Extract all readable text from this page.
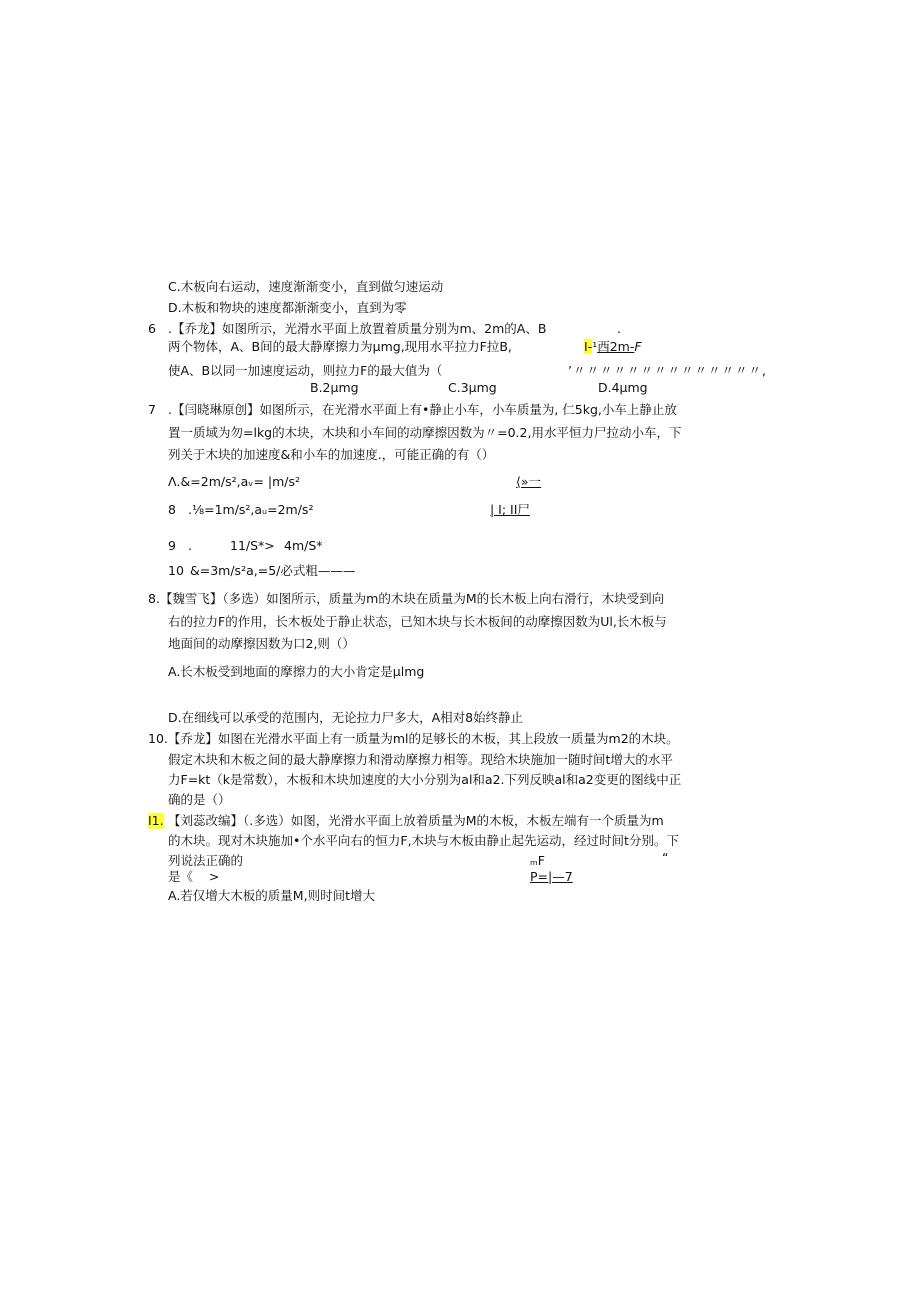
C.木板向右运动，速度渐渐变小，直到做匀速运动
D.木板和物块的速度都渐渐变小，直到为零
6 .【乔龙】如图所示，光滑水平面上放置着质量分别为m、2m的A、B	.
两个物体，A、B间的最大静摩擦力为μmg,现用水平拉力F拉B,	I-¹西2m-F
使A、B以同一加速度运动，则拉力F的最大值为（	’〃〃〃〃〃〃〃〃〃〃〃〃〃〃,
B.2μmg	C.3μmg	D.4μmg
7 .【闫晓琳原创】如图所示，在光滑水平面上有•静止小车，小车质量为, 仁5kg,小车上静止放
置一质域为勿=lkg的木块，木块和小车间的动摩擦因数为〃=0.2,用水平恒力尸拉动小车，下
列关于木块的加速度&和小车的加速度.，可能正确的有（）
Λ.&=2m∕s²,aᵥ= |m∕s²	⟨»一
8 .⅛=1m∕s²,aᵤ=2m∕s²	| I; II尸
9 .	11∕S*> 4m/S*
10 &=3m∕s²a,=5∕必式粗———
8.【魏雪飞】（多选）如图所示，质量为m的木块在质量为M的长木板上向右滑行，木块受到向
右的拉力F的作用，长木板处于静止状态，已知木块与长木板间的动摩擦因数为Ul,长木板与
地面间的动摩擦因数为口2,则（）
A.长木板受到地面的摩擦力的大小肯定是μlmg
D.在细线可以承受的范围内，无论拉力尸多大，A相对8始终静止
10.【乔龙】如图在光滑水平面上有一质量为ml的足够长的木板，其上段放一质量为m2的木块。
假定木块和木板之间的最大静摩擦力和滑动摩擦力相等。现给木块施加一随时间t增大的水平
力F=kt（k是常数），木板和木块加速度的大小分别为al和a2.下列反映al和a2变更的图线中正
确的是（）
I1. 【刘蕊改编】（.多选）如图，光滑水平面上放着质量为M的木板，木板左端有一个质量为m
的木块。现对木块施加•个水平向右的恒力F,木块与木板由静止起先运动，经过时间t分别。下
列说法正确的	ₘF	“
是《    >	P=|—7
A.若仅增大木板的质量M,则时间t增大
